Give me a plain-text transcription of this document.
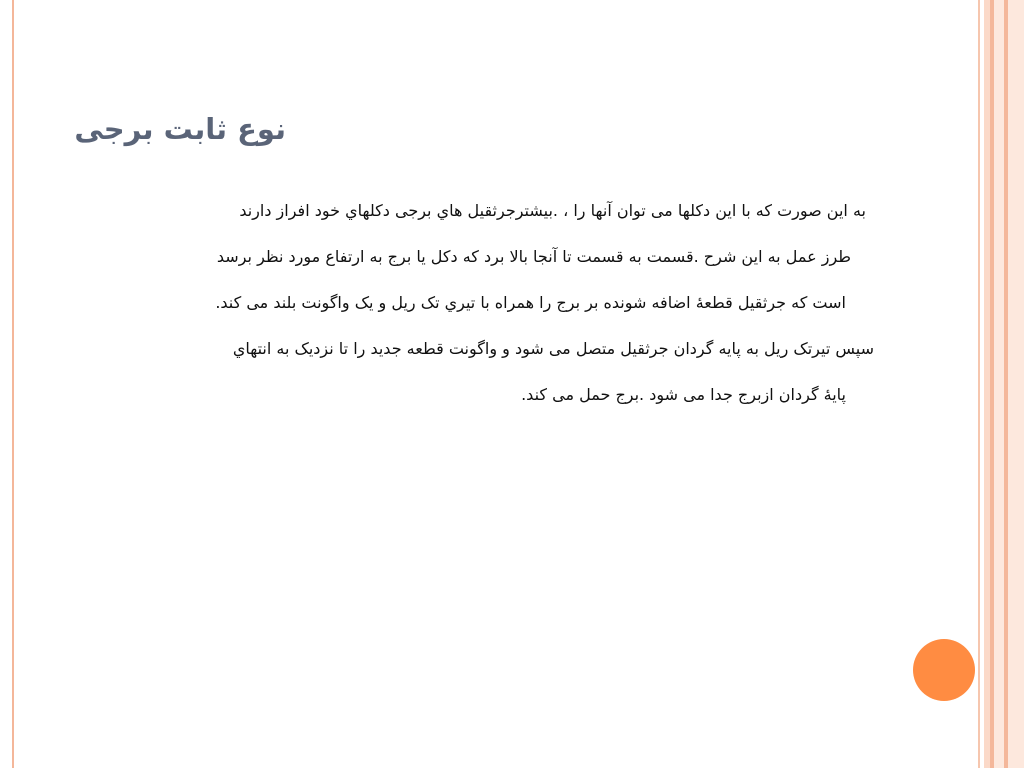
نوع ثابت برجی
به اين صورت كه با اين دكلها می توان آنها را ، .بيشترجرثقيل هاي برجی دكلهاي خود افراز دارند
طرز عمل به اين شرح .قسمت به قسمت تا آنجا بالا برد كه دكل يا برج به ارتفاع مورد نظر برسد
است كه جرثقيل قطعهٔ اضافه شونده بر برج را همراه با تيري تک ريل و يک واگونت بلند می كند.
سپس تيرتک ريل به پايه گردان جرثقيل متصل می شود و واگونت قطعه جديد را تا نزديک به انتهاي
پايهٔ گردان ازبرج جدا می شود .برج حمل می كند.
